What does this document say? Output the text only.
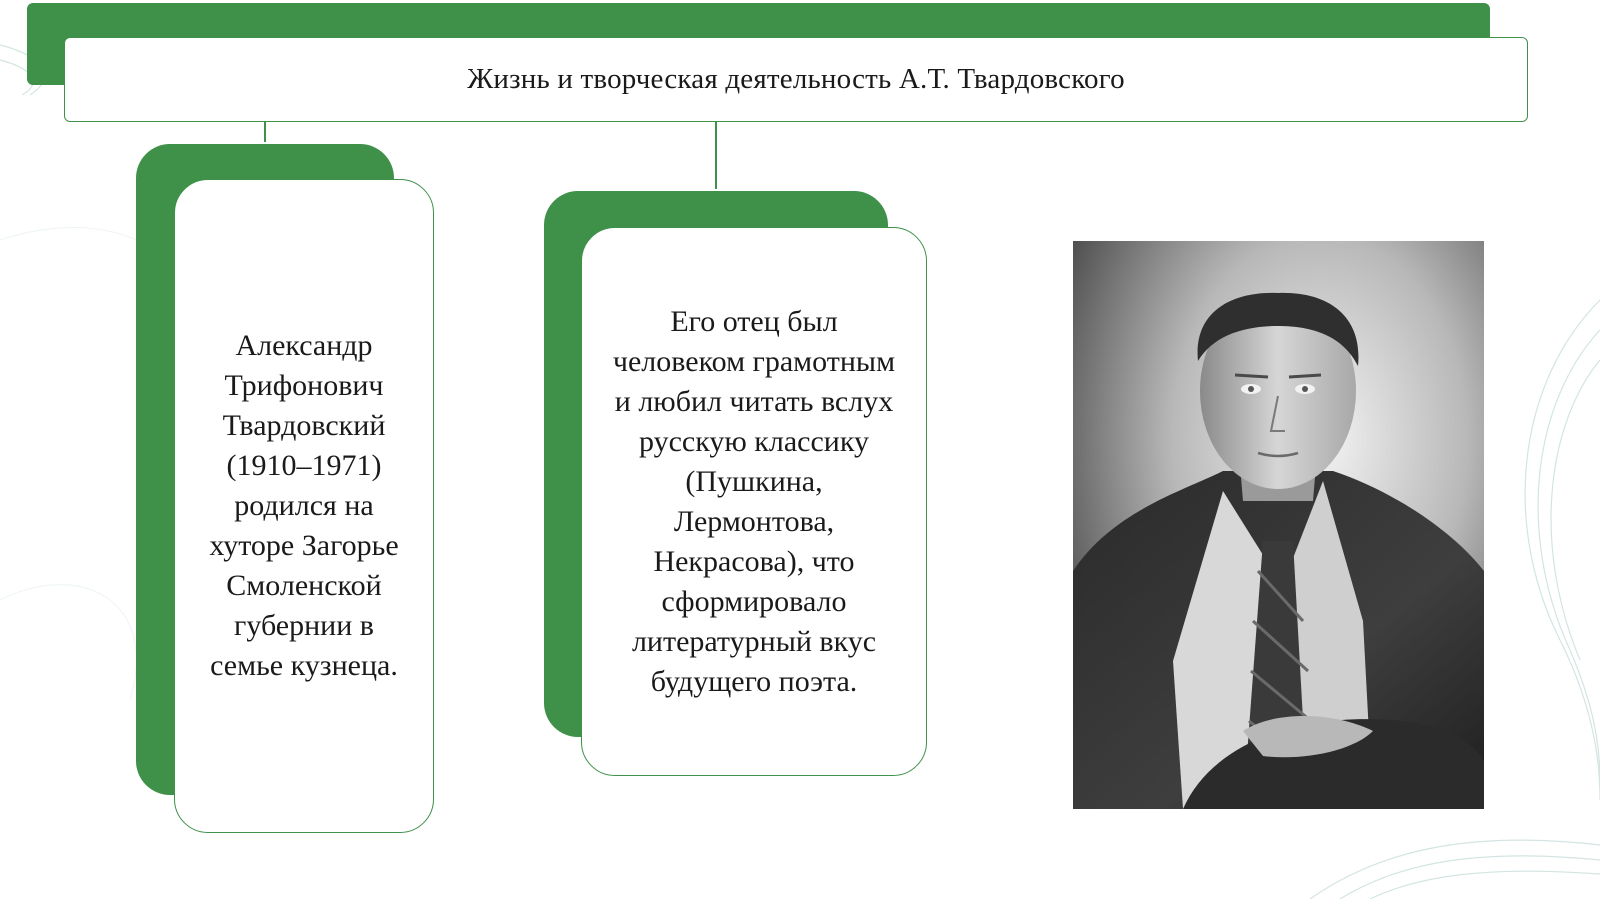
Жизнь и творческая деятельность А.Т. Твардовского
Александр
Трифонович
Твардовский
(1910–1971)
родился на
хуторе Загорье
Смоленской
губернии в
семье кузнеца.
Его отец был
человеком грамотным
и любил читать вслух
русскую классику
(Пушкина,
Лермонтова,
Некрасова), что
сформировало
литературный вкус
будущего поэта.
